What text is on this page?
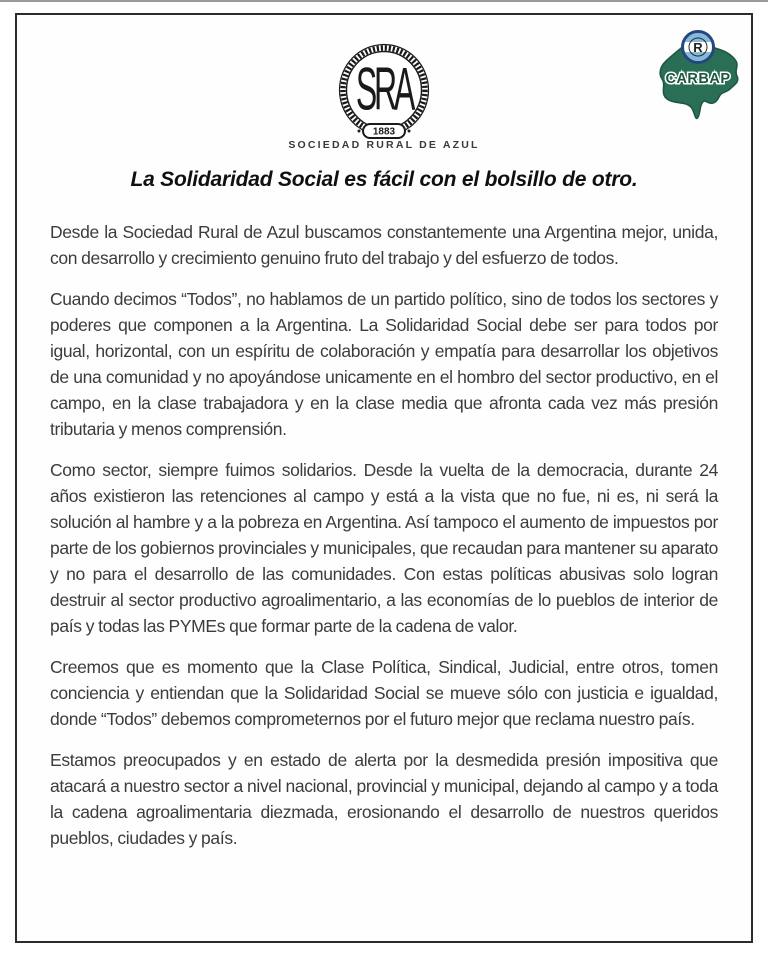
SRA
1883
SOCIEDAD RURAL DE AZUL
R
CARBAP
La Solidaridad Social es fácil con el bolsillo de otro.

Desde la Sociedad Rural de Azul buscamos constantemente una Argentina mejor, unida, con desarrollo y crecimiento genuino fruto del trabajo y del esfuerzo de todos.

Cuando decimos “Todos”, no hablamos de un partido político, sino de todos los sectores y poderes que componen a la Argentina. La Solidaridad Social debe ser para todos por igual, horizontal, con un espíritu de colaboración y empatía para desarrollar los objetivos de una comunidad y no apoyándose unicamente en el hombro del sector productivo, en el campo, en la clase trabajadora y en la clase media que afronta cada vez más presión tributaria y menos comprensión.

Como sector, siempre fuimos solidarios. Desde la vuelta de la democracia, durante 24 años existieron las retenciones al campo y está a la vista que no fue, ni es, ni será la solución al hambre y a la pobreza en Argentina. Así tampoco el aumento de impuestos por parte de los gobiernos provinciales y municipales, que recaudan para mantener su aparato y no para el desarrollo de las comunidades. Con estas políticas abusivas solo logran destruir al sector productivo agroalimentario, a las economías de lo pueblos de interior de país y todas las PYMEs que formar parte de la cadena de valor.

Creemos que es momento que la Clase Política, Sindical, Judicial, entre otros, tomen conciencia y entiendan que la Solidaridad Social se mueve sólo con justicia e igualdad, donde “Todos” debemos comprometernos por el futuro mejor que reclama nuestro país.

Estamos preocupados y en estado de alerta por la desmedida presión impositiva que atacará a nuestro sector a nivel nacional, provincial y municipal, dejando al campo y a toda la cadena agroalimentaria diezmada, erosionando el desarrollo de nuestros queridos pueblos, ciudades y país.
